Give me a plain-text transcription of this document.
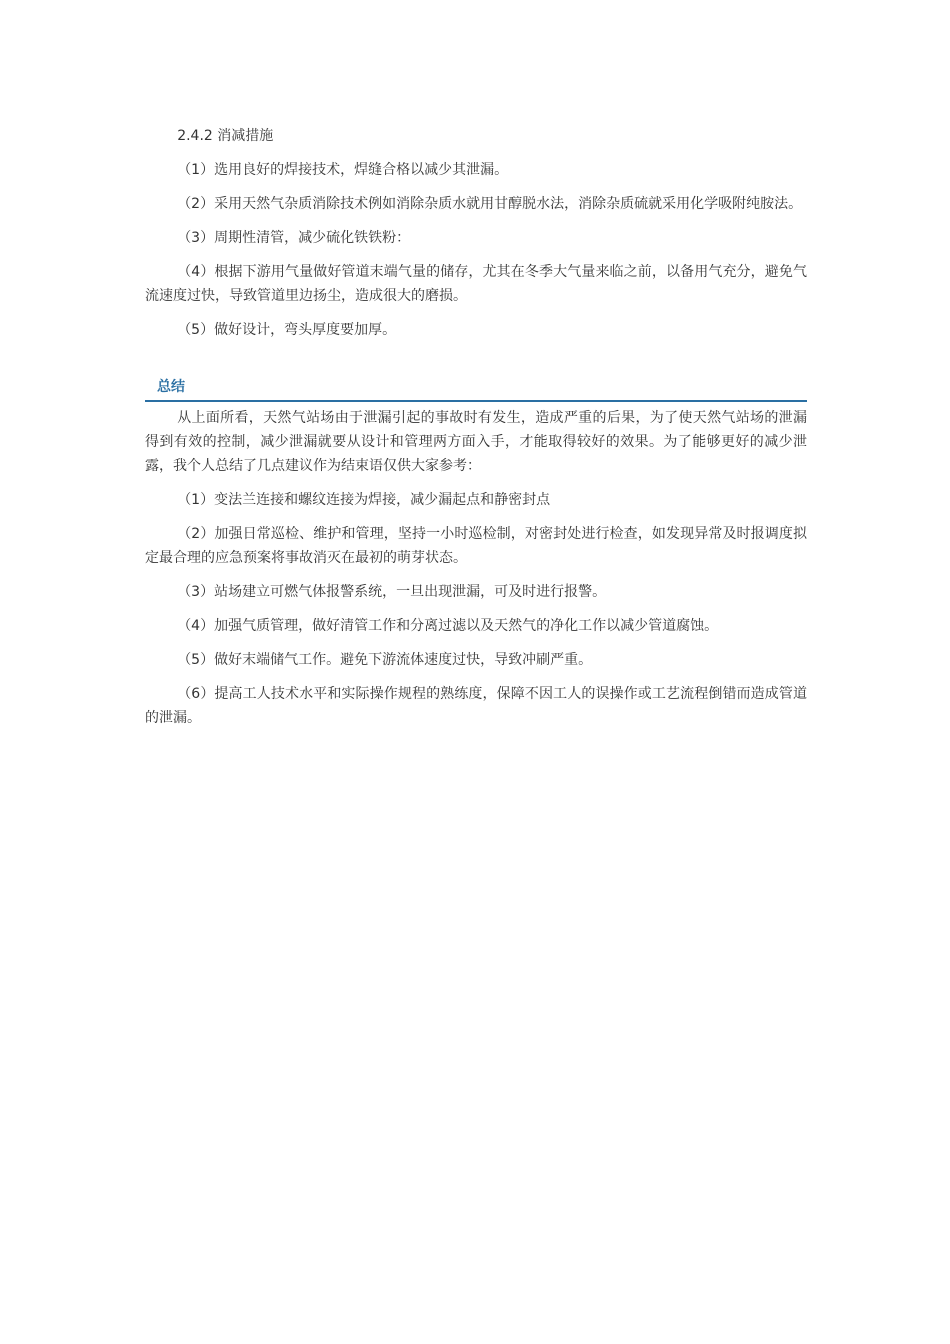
2.4.2 消减措施

（1）选用良好的焊接技术，焊缝合格以减少其泄漏。

（2）采用天然气杂质消除技术例如消除杂质水就用甘醇脱水法，消除杂质硫就采用化学吸附纯胺法。

（3）周期性清管，减少硫化铁铁粉：

（4）根据下游用气量做好管道末端气量的储存，尤其在冬季大气量来临之前，以备用气充分，避免气流速度过快，导致管道里边扬尘，造成很大的磨损。

（5）做好设计，弯头厚度要加厚。

总结

从上面所看，天然气站场由于泄漏引起的事故时有发生，造成严重的后果，为了使天然气站场的泄漏得到有效的控制，减少泄漏就要从设计和管理两方面入手，才能取得较好的效果。为了能够更好的减少泄露，我个人总结了几点建议作为结束语仅供大家参考：

（1）变法兰连接和螺纹连接为焊接，减少漏起点和静密封点

（2）加强日常巡检、维护和管理，坚持一小时巡检制，对密封处进行检查，如发现异常及时报调度拟定最合理的应急预案将事故消灭在最初的萌芽状态。

（3）站场建立可燃气体报警系统，一旦出现泄漏，可及时进行报警。

（4）加强气质管理，做好清管工作和分离过滤以及天然气的净化工作以减少管道腐蚀。

（5）做好末端储气工作。避免下游流体速度过快，导致冲刷严重。

（6）提高工人技术水平和实际操作规程的熟练度，保障不因工人的误操作或工艺流程倒错而造成管道的泄漏。
